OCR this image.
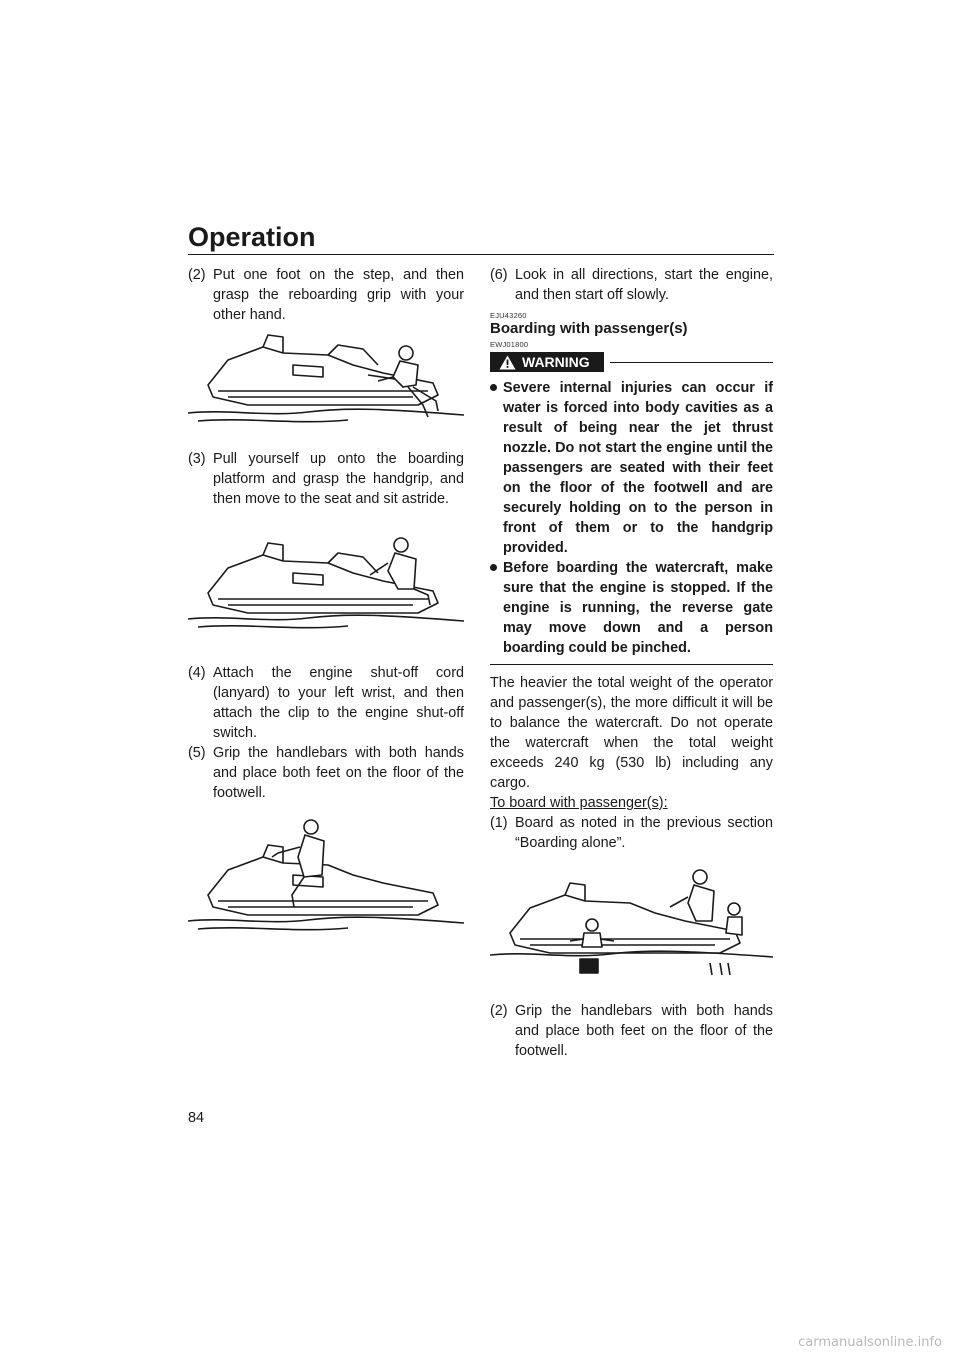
Operation

(2) Put one foot on the step, and then grasp the reboarding grip with your other hand.

(3) Pull yourself up onto the boarding platform and grasp the handgrip, and then move to the seat and sit astride.

(4) Attach the engine shut-off cord (lanyard) to your left wrist, and then attach the clip to the engine shut-off switch.

(5) Grip the handlebars with both hands and place both feet on the floor of the footwell.

(6) Look in all directions, start the engine, and then start off slowly.

EJU43260
Boarding with passenger(s)
EWJ01800
WARNING
Severe internal injuries can occur if water is forced into body cavities as a result of being near the jet thrust nozzle. Do not start the engine until the passengers are seated with their feet on the floor of the footwell and are securely holding on to the person in front of them or to the handgrip provided.
Before boarding the watercraft, make sure that the engine is stopped. If the engine is running, the reverse gate may move down and a person boarding could be pinched.

The heavier the total weight of the operator and passenger(s), the more difficult it will be to balance the watercraft. Do not operate the watercraft when the total weight exceeds 240 kg (530 lb) including any cargo.

To board with passenger(s):

(1) Board as noted in the previous section “Boarding alone”.

(2) Grip the handlebars with both hands and place both feet on the floor of the footwell.

84

carmanualsonline.info
